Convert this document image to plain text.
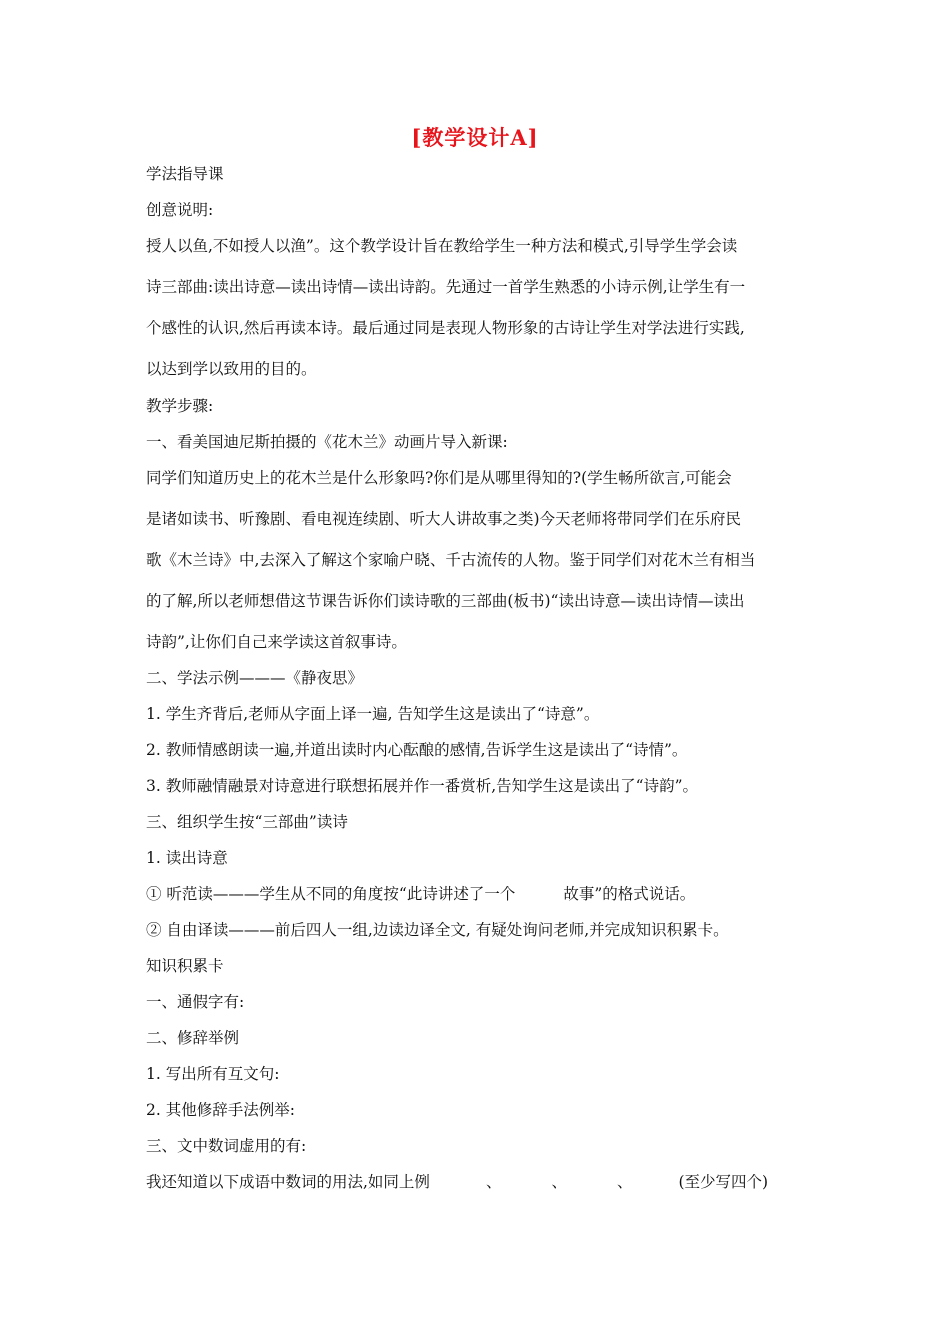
[教学设计A]
学法指导课
创意说明:
授人以鱼,不如授人以渔”。这个教学设计旨在教给学生一种方法和模式,引导学生学会读
诗三部曲:读出诗意—读出诗情—读出诗韵。先通过一首学生熟悉的小诗示例,让学生有一
个感性的认识,然后再读本诗。最后通过同是表现人物形象的古诗让学生对学法进行实践,
以达到学以致用的目的。
教学步骤:
一、看美国迪尼斯拍摄的《花木兰》动画片导入新课:
同学们知道历史上的花木兰是什么形象吗?你们是从哪里得知的?(学生畅所欲言,可能会
是诸如读书、听豫剧、看电视连续剧、听大人讲故事之类)今天老师将带同学们在乐府民
歌《木兰诗》中,去深入了解这个家喻户晓、千古流传的人物。鉴于同学们对花木兰有相当
的了解,所以老师想借这节课告诉你们读诗歌的三部曲(板书)“读出诗意—读出诗情—读出
诗韵”,让你们自己来学读这首叙事诗。
二、学法示例———《静夜思》
1. 学生齐背后,老师从字面上译一遍, 告知学生这是读出了“诗意”。
2. 教师情感朗读一遍,并道出读时内心酝酿的感情,告诉学生这是读出了“诗情”。
3. 教师融情融景对诗意进行联想拓展并作一番赏析,告知学生这是读出了“诗韵”。
三、组织学生按“三部曲”读诗
1. 读出诗意
① 听范读———学生从不同的角度按“此诗讲述了一个	故事”的格式说话。
② 自由译读———前后四人一组,边读边译全文, 有疑处询问老师,并完成知识积累卡。
知识积累卡
一、通假字有:
二、修辞举例
1. 写出所有互文句:
2. 其他修辞手法例举:
三、文中数词虚用的有:
我还知道以下成语中数词的用法,如同上例	、	、	、	(至少写四个)
